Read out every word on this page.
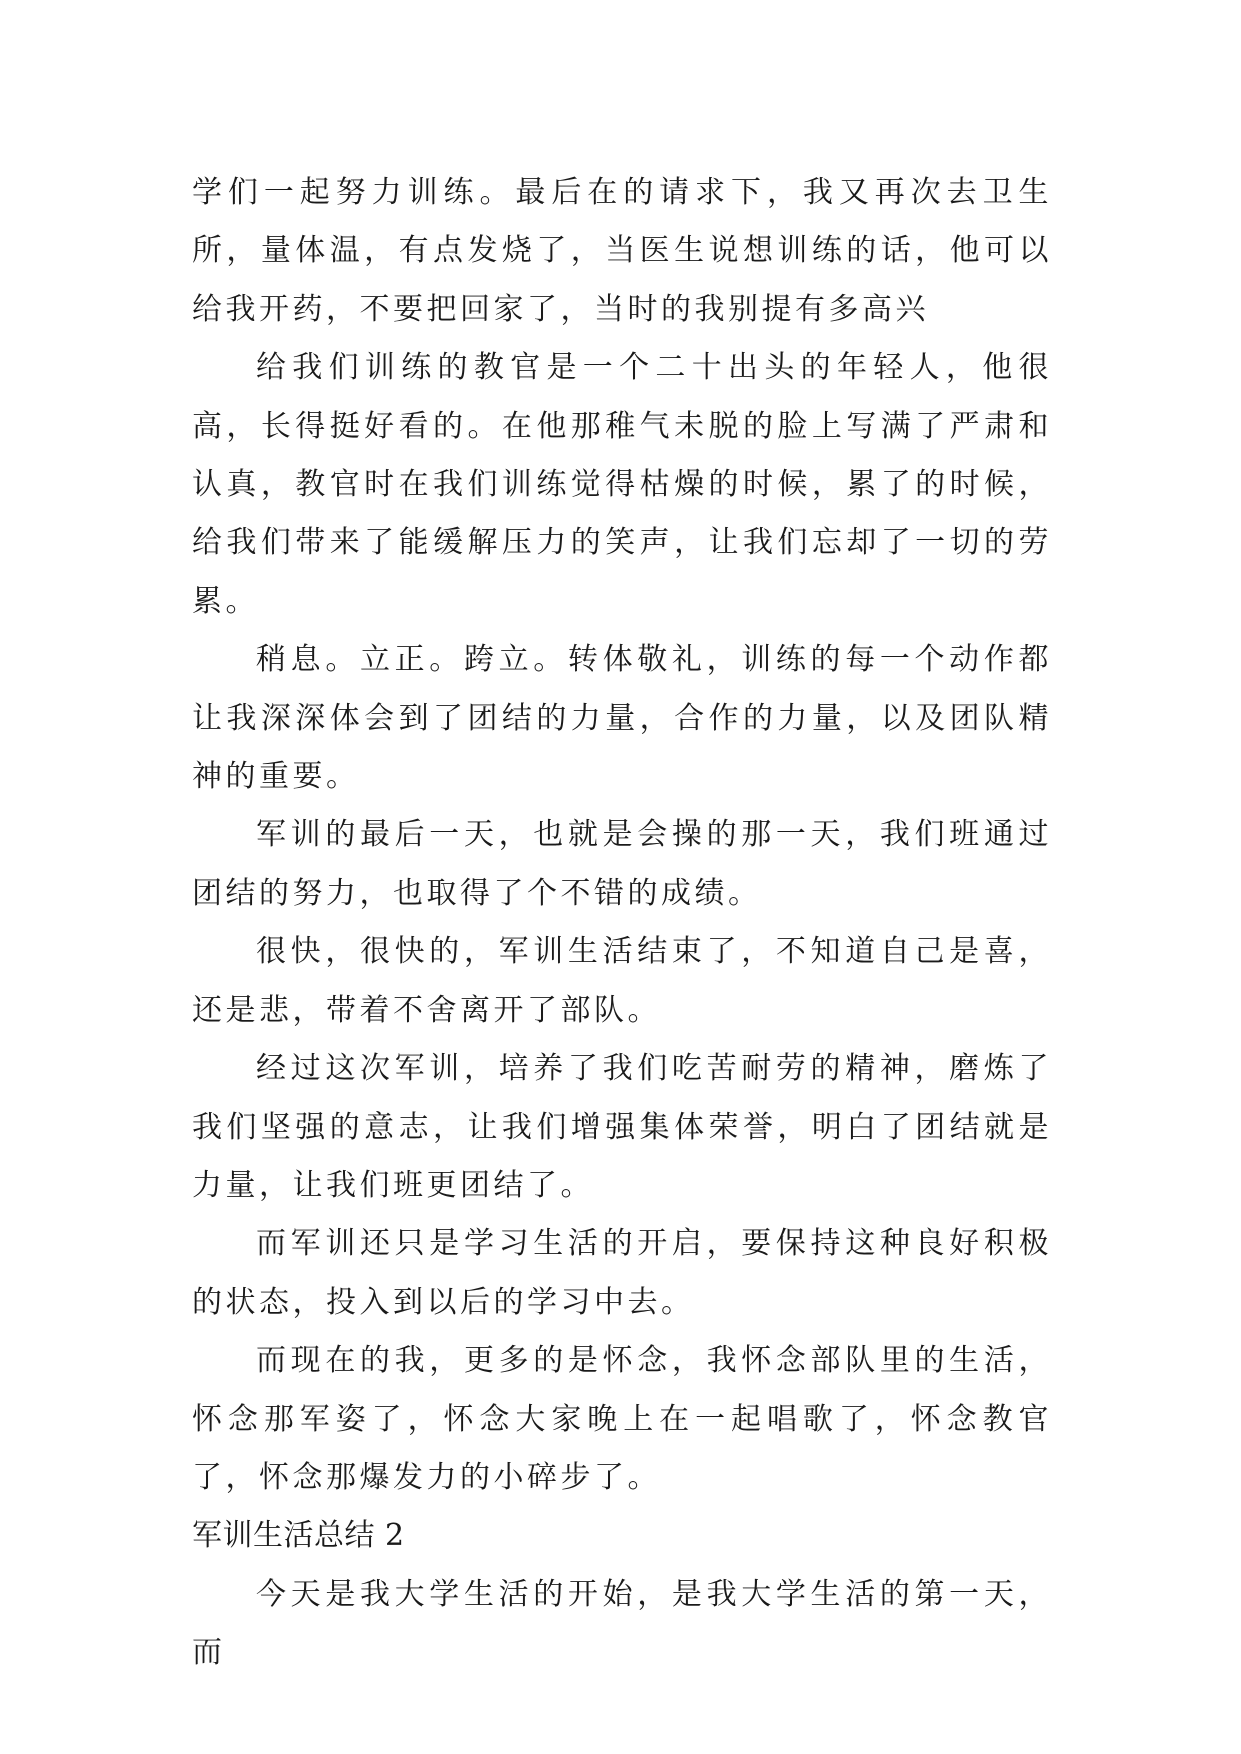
学们一起努力训练。最后在的请求下，我又再次去卫生所，量体温，有点发烧了，当医生说想训练的话，他可以给我开药，不要把回家了，当时的我别提有多高兴

给我们训练的教官是一个二十出头的年轻人，他很高，长得挺好看的。在他那稚气未脱的脸上写满了严肃和认真，教官时在我们训练觉得枯燥的时候，累了的时候，给我们带来了能缓解压力的笑声，让我们忘却了一切的劳累。

稍息。立正。跨立。转体敬礼，训练的每一个动作都让我深深体会到了团结的力量，合作的力量，以及团队精神的重要。

军训的最后一天，也就是会操的那一天，我们班通过团结的努力，也取得了个不错的成绩。

很快，很快的，军训生活结束了，不知道自己是喜，还是悲，带着不舍离开了部队。

经过这次军训，培养了我们吃苦耐劳的精神，磨炼了我们坚强的意志，让我们增强集体荣誉，明白了团结就是力量，让我们班更团结了。

而军训还只是学习生活的开启，要保持这种良好积极的状态，投入到以后的学习中去。

而现在的我，更多的是怀念，我怀念部队里的生活，怀念那军姿了，怀念大家晚上在一起唱歌了，怀念教官了，怀念那爆发力的小碎步了。

军训生活总结 2

今天是我大学生活的开始，是我大学生活的第一天，而
